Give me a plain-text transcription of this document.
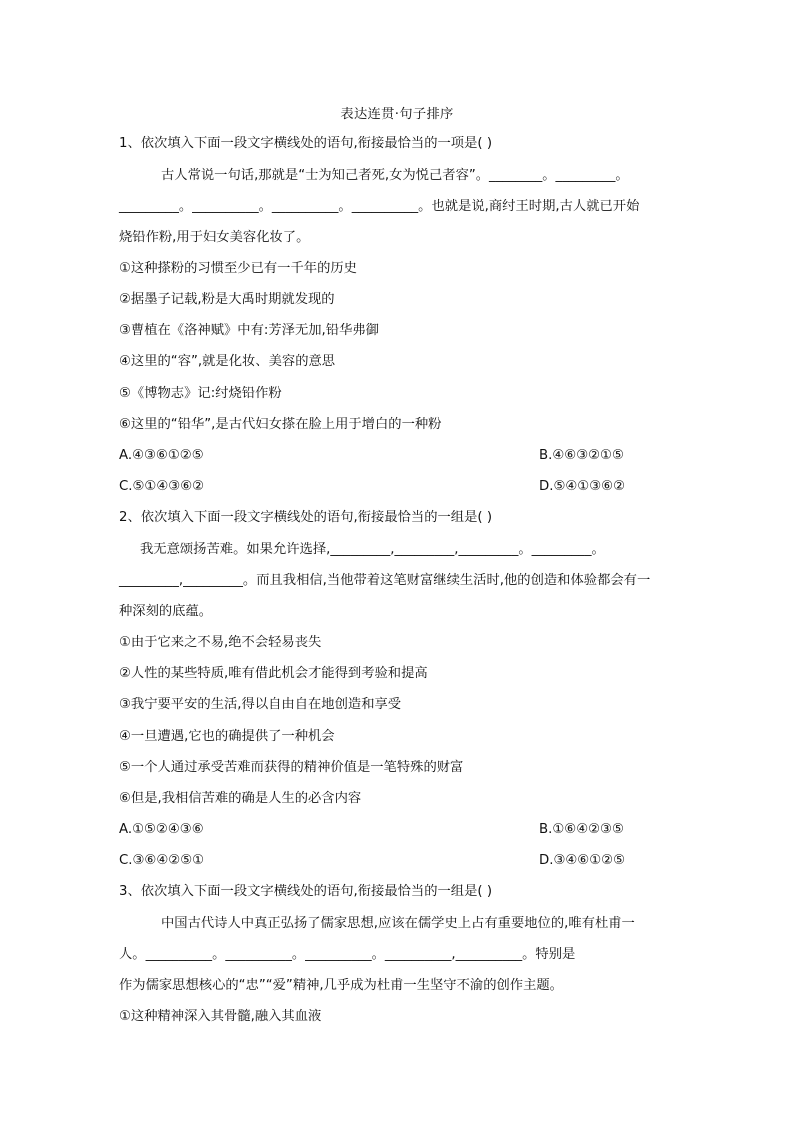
表达连贯·句子排序
1、依次填入下面一段文字横线处的语句,衔接最恰当的一项是( )
古人常说一句话,那就是“士为知己者死,女为悦己者容”。________。_________。
_________。__________。__________。__________。也就是说,商纣王时期,古人就已开始
烧铅作粉,用于妇女美容化妆了。
①这种搽粉的习惯至少已有一千年的历史
②据墨子记载,粉是大禹时期就发现的
③曹植在《洛神赋》中有:芳泽无加,铅华弗御
④这里的“容”,就是化妆、美容的意思
⑤《博物志》记:纣烧铅作粉
⑥这里的“铅华”,是古代妇女搽在脸上用于增白的一种粉
A.④③⑥①②⑤	B.④⑥③②①⑤
C.⑤①④③⑥②	D.⑤④①③⑥②
2、依次填入下面一段文字横线处的语句,衔接最恰当的一组是( )
我无意颂扬苦难。如果允许选择,_________,_________,_________。_________。
_________,_________。而且我相信,当他带着这笔财富继续生活时,他的创造和体验都会有一
种深刻的底蕴。
①由于它来之不易,绝不会轻易丧失
②人性的某些特质,唯有借此机会才能得到考验和提高
③我宁要平安的生活,得以自由自在地创造和享受
④一旦遭遇,它也的确提供了一种机会
⑤一个人通过承受苦难而获得的精神价值是一笔特殊的财富
⑥但是,我相信苦难的确是人生的必含内容
A.①⑤②④③⑥	B.①⑥④②③⑤
C.③⑥④②⑤①	D.③④⑥①②⑤
3、依次填入下面一段文字横线处的语句,衔接最恰当的一组是( )
中国古代诗人中真正弘扬了儒家思想,应该在儒学史上占有重要地位的,唯有杜甫一
人。__________。__________。__________。__________,__________。特别是
作为儒家思想核心的“忠”“爱”精神,几乎成为杜甫一生坚守不渝的创作主题。
①这种精神深入其骨髓,融入其血液
